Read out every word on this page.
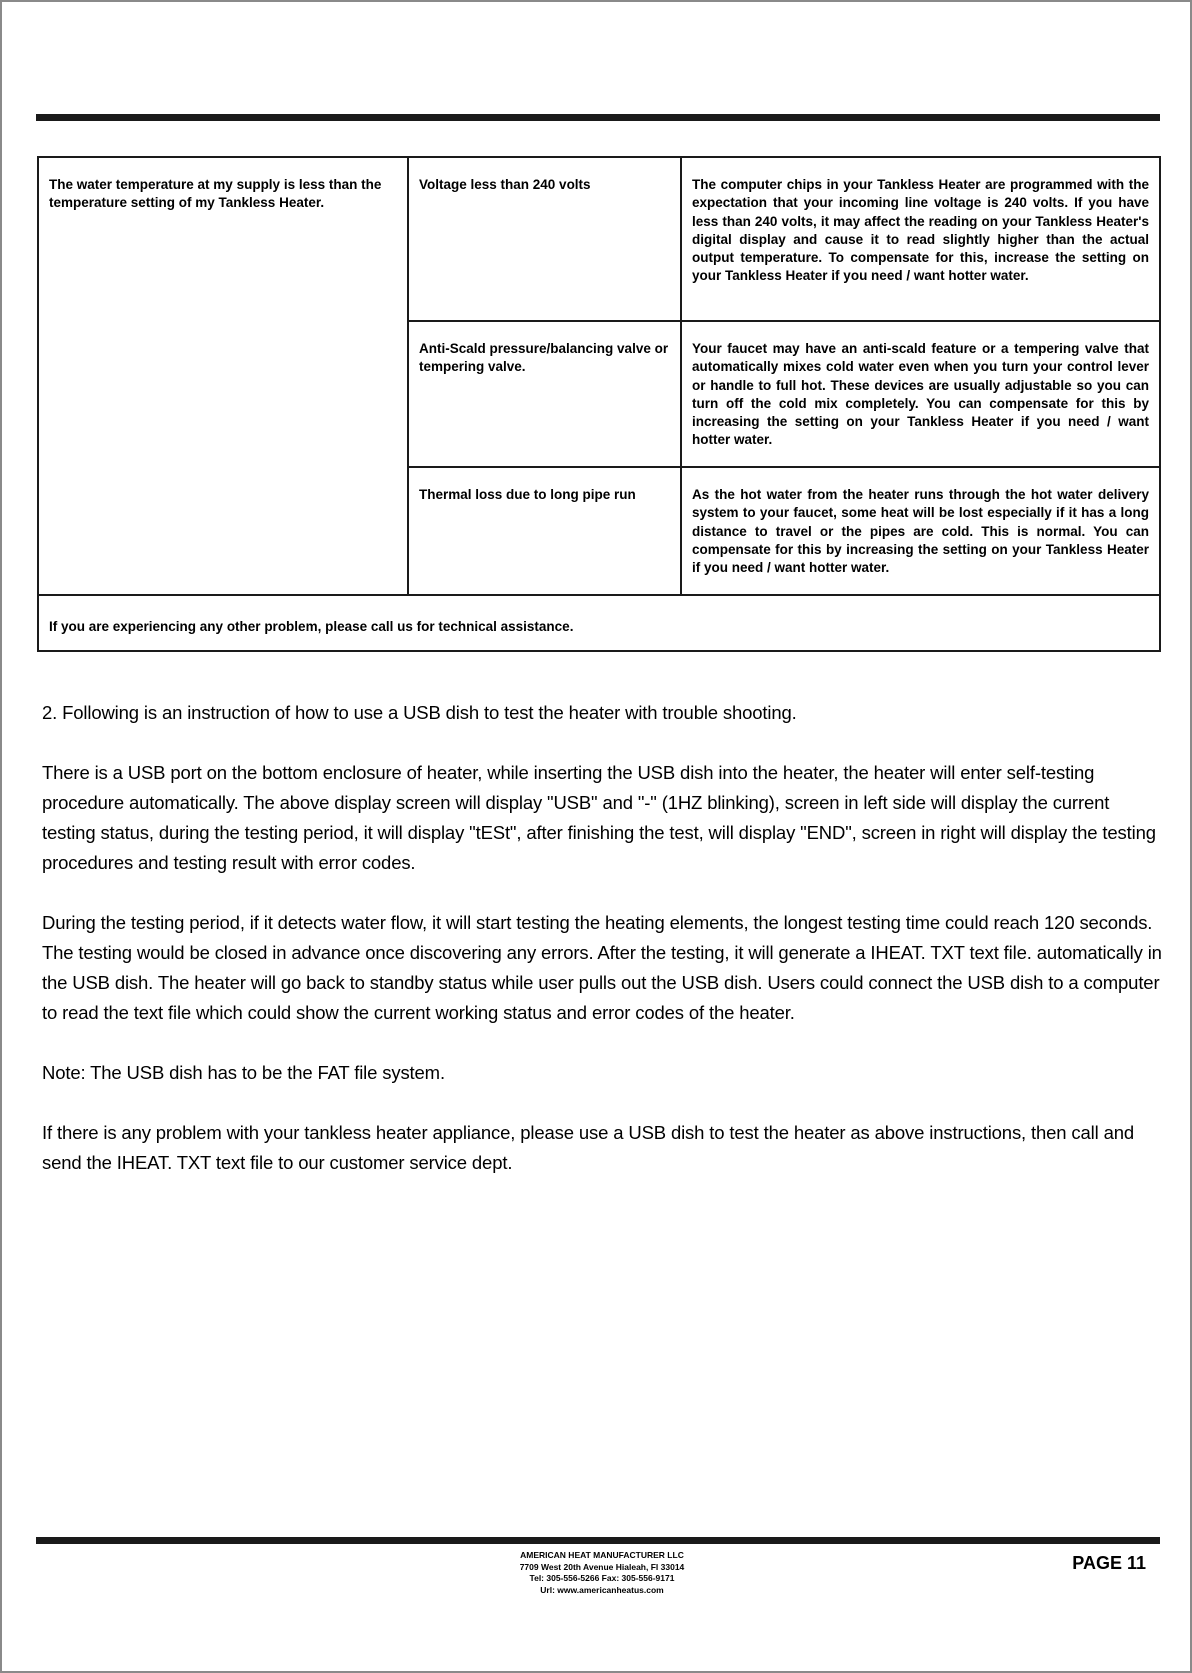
The water temperature at my supply is less than the temperature setting of my Tankless Heater.	Voltage less than 240 volts	The computer chips in your Tankless Heater are programmed with the expectation that your incoming line voltage is 240 volts. If you have less than 240 volts, it may affect the reading on your Tankless Heater's digital display and cause it to read slightly higher than the actual output temperature. To compensate for this, increase the setting on your Tankless Heater if you need / want hotter water.
	Anti-Scald pressure/balancing valve or tempering valve.	Your faucet may have an anti-scald feature or a tempering valve that automatically mixes cold water even when you turn your control lever or handle to full hot. These devices are usually adjustable so you can turn off the cold mix completely. You can compensate for this by increasing the setting on your Tankless Heater if you need / want hotter water.
	Thermal loss due to long pipe run	As the hot water from the heater runs through the hot water delivery system to your faucet, some heat will be lost especially if it has a long distance to travel or the pipes are cold. This is normal. You can compensate for this by increasing the setting on your Tankless Heater if you need / want hotter water.
If you are experiencing any other problem, please call us for technical assistance.		

2. Following is an instruction of how to use a USB dish to test the heater with trouble shooting.

There is a USB port on the bottom enclosure of heater, while inserting the USB dish into the heater, the heater will enter self-testing procedure automatically. The above display screen will display "USB" and "-" (1HZ blinking), screen in left side will display the current testing status, during the testing period, it will display "tESt", after finishing the test, will display "END", screen in right will display the testing procedures and testing result with error codes.

During the testing period, if it detects water flow, it will start testing the heating elements, the longest testing time could reach 120 seconds. The testing would be closed in advance once discovering any errors. After the testing, it will generate a IHEAT. TXT text file. automatically in the USB dish. The heater will go back to standby status while user pulls out the USB dish. Users could connect the USB dish to a computer to read the text file which could show the current working status and error codes of the heater.

Note: The USB dish has to be the FAT file system.

If there is any problem with your tankless heater appliance, please use a USB dish to test the heater as above instructions, then call and send the IHEAT. TXT text file to our customer service dept.

AMERICAN HEAT MANUFACTURER LLC
7709 West 20th Avenue Hialeah, Fl 33014
Tel: 305-556-5266 Fax: 305-556-9171
Url: www.americanheatus.com
PAGE 11
